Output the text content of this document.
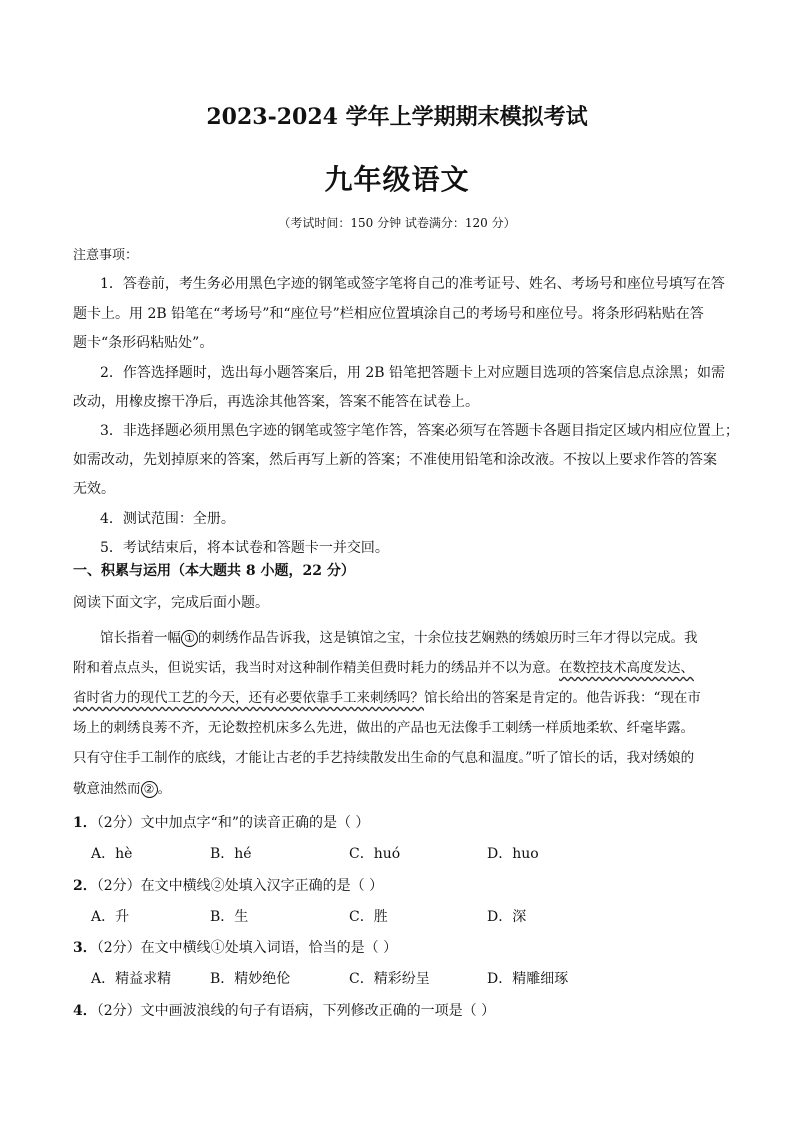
2023-2024 学年上学期期末模拟考试
九年级语文
（考试时间：150 分钟 试卷满分：120 分）
注意事项：
1．答卷前，考生务必用黑色字迹的钢笔或签字笔将自己的准考证号、姓名、考场号和座位号填写在答
题卡上。用 2B 铅笔在“考场号”和“座位号”栏相应位置填涂自己的考场号和座位号。将条形码粘贴在答
题卡“条形码粘贴处”。
2．作答选择题时，选出每小题答案后，用 2B 铅笔把答题卡上对应题目选项的答案信息点涂黑；如需
改动，用橡皮擦干净后，再选涂其他答案，答案不能答在试卷上。
3．非选择题必须用黑色字迹的钢笔或签字笔作答，答案必须写在答题卡各题目指定区域内相应位置上；
如需改动，先划掉原来的答案，然后再写上新的答案；不准使用铅笔和涂改液。不按以上要求作答的答案
无效。
4．测试范围：全册。
5．考试结束后，将本试卷和答题卡一并交回。
一、积累与运用（本大题共 8 小题，22 分）
阅读下面文字，完成后面小题。
馆长指着一幅 ① 的刺绣作品告诉我，这是镇馆之宝，十余位技艺娴熟的绣娘历时三年才得以完成。我
附和着点点头，但说实话，我当时对这种制作精美但费时耗力的绣品并不以为意。在数控技术高度发达、
省时省力的现代工艺的今天，还有必要依靠手工来刺绣吗？馆长给出的答案是肯定的。他告诉我：“现在市
场上的刺绣良莠不齐，无论数控机床多么先进，做出的产品也无法像手工刺绣一样质地柔软、纤毫毕露。
只有守住手工制作的底线，才能让古老的手艺持续散发出生命的气息和温度。”听了馆长的话，我对绣娘的
敬意油然而 ② 。
1．（2分）文中加点字“和”的读音正确的是（ ）
A．hè	B．hé	C．huó	D．huo
2．（2分）在文中横线②处填入汉字正确的是（ ）
A．升	B．生	C．胜	D．深
3．（2分）在文中横线①处填入词语，恰当的是（ ）
A．精益求精	B．精妙绝伦	C．精彩纷呈	D．精雕细琢
4．（2分）文中画波浪线的句子有语病，下列修改正确的一项是（ ）
